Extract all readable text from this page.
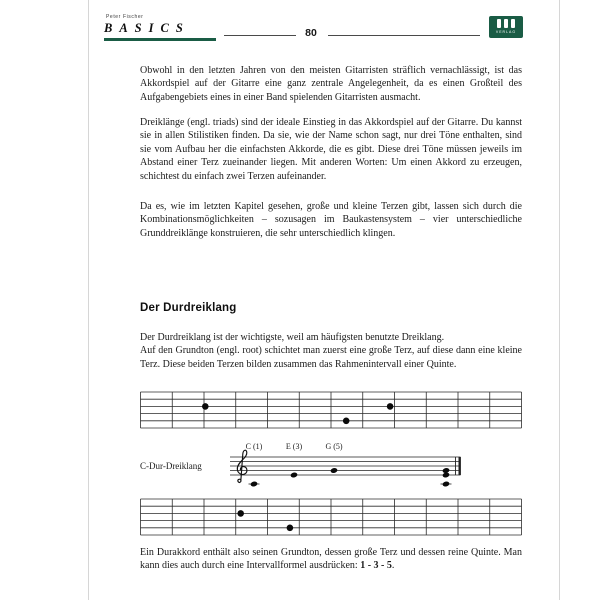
Peter Fischer
BASICS	80	VERLAG

Obwohl in den letzten Jahren von den meisten Gitarristen sträflich vernachlässigt, ist das Akkordspiel auf der Gitarre eine ganz zentrale Angelegenheit, da es einen Großteil des Aufgabengebiets eines in einer Band spielenden Gitarristen ausmacht.

Dreiklänge (engl. triads) sind der ideale Einstieg in das Akkordspiel auf der Gitarre. Du kannst sie in allen Stilistiken finden. Da sie, wie der Name schon sagt, nur drei Töne enthalten, sind sie vom Aufbau her die einfachsten Akkorde, die es gibt. Diese drei Töne müssen jeweils im Abstand einer Terz zueinander liegen. Mit anderen Worten: Um einen Akkord zu erzeugen, schichtest du einfach zwei Terzen aufeinander.

Da es, wie im letzten Kapitel gesehen, große und kleine Terzen gibt, lassen sich durch die Kombinationsmöglichkeiten – sozusagen im Baukastensystem – vier unterschiedliche Grunddreiklänge konstruieren, die sehr unterschiedlich klingen.

Der Durdreiklang

Der Durdreiklang ist der wichtigste, weil am häufigsten benutzte Dreiklang.
Auf den Grundton (engl. root) schichtet man zuerst eine große Terz, auf diese dann eine kleine Terz. Diese beiden Terzen bilden zusammen das Rahmenintervall einer Quinte.

C-Dur-Dreiklang
C (1)	E (3)	G (5)

Ein Durakkord enthält also seinen Grundton, dessen große Terz und dessen reine Quinte. Man kann dies auch durch eine Intervallformel ausdrücken: 1 - 3 - 5.
